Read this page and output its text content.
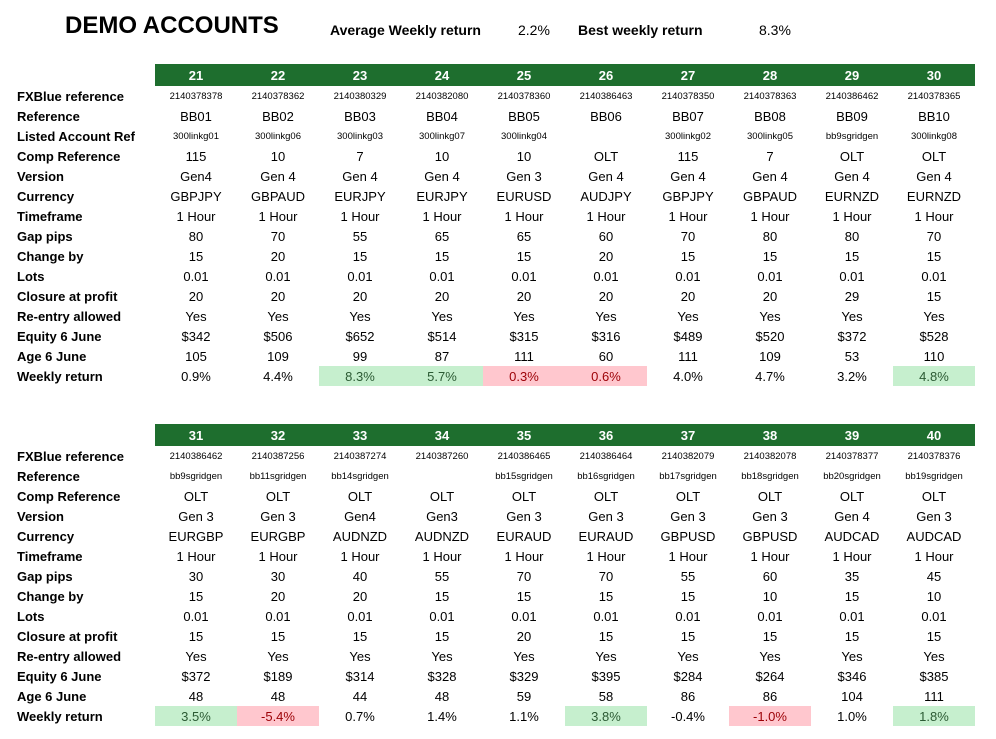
DEMO ACCOUNTS	Average Weekly return	2.2% Best weekly return	8.3%
	21	22	23	24	25	26	27	28	29	30
FXBlue reference	2140378378	2140378362	2140380329	2140382080	2140378360	2140386463	2140378350	2140378363	2140386462	2140378365
Reference	BB01	BB02	BB03	BB04	BB05	BB06	BB07	BB08	BB09	BB10
Listed Account Ref	300linkg01	300linkg06	300linkg03	300linkg07	300linkg04		300linkg02	300linkg05	bb9sgridgen	300linkg08
Comp Reference	115	10	7	10	10	OLT	115	7	OLT	OLT
Version	Gen4	Gen 4	Gen 4	Gen 4	Gen 3	Gen 4	Gen 4	Gen 4	Gen 4	Gen 4
Currency	GBPJPY	GBPAUD	EURJPY	EURJPY	EURUSD	AUDJPY	GBPJPY	GBPAUD	EURNZD	EURNZD
Timeframe	1 Hour	1 Hour	1 Hour	1 Hour	1 Hour	1 Hour	1 Hour	1 Hour	1 Hour	1 Hour
Gap pips	80	70	55	65	65	60	70	80	80	70
Change by	15	20	15	15	15	20	15	15	15	15
Lots	0.01	0.01	0.01	0.01	0.01	0.01	0.01	0.01	0.01	0.01
Closure at profit	20	20	20	20	20	20	20	20	29	15
Re-entry allowed	Yes	Yes	Yes	Yes	Yes	Yes	Yes	Yes	Yes	Yes
Equity 6 June	$342	$506	$652	$514	$315	$316	$489	$520	$372	$528
Age 6 June	105	109	99	87	111	60	111	109	53	110
Weekly return	0.9%	4.4%	8.3%	5.7%	0.3%	0.6%	4.0%	4.7%	3.2%	4.8%
	31	32	33	34	35	36	37	38	39	40
FXBlue reference	2140386462	2140387256	2140387274	2140387260	2140386465	2140386464	2140382079	2140382078	2140378377	2140378376
Reference	bb9sgridgen	bb11sgridgen	bb14sgridgen		bb15sgridgen	bb16sgridgen	bb17sgridgen	bb18sgridgen	bb20sgridgen	bb19sgridgen
Comp Reference	OLT	OLT	OLT	OLT	OLT	OLT	OLT	OLT	OLT	OLT
Version	Gen 3	Gen 3	Gen4	Gen3	Gen 3	Gen 3	Gen 3	Gen 3	Gen 4	Gen 3
Currency	EURGBP	EURGBP	AUDNZD	AUDNZD	EURAUD	EURAUD	GBPUSD	GBPUSD	AUDCAD	AUDCAD
Timeframe	1 Hour	1 Hour	1 Hour	1 Hour	1 Hour	1 Hour	1 Hour	1 Hour	1 Hour	1 Hour
Gap pips	30	30	40	55	70	70	55	60	35	45
Change by	15	20	20	15	15	15	15	10	15	10
Lots	0.01	0.01	0.01	0.01	0.01	0.01	0.01	0.01	0.01	0.01
Closure at profit	15	15	15	15	20	15	15	15	15	15
Re-entry allowed	Yes	Yes	Yes	Yes	Yes	Yes	Yes	Yes	Yes	Yes
Equity 6 June	$372	$189	$314	$328	$329	$395	$284	$264	$346	$385
Age 6 June	48	48	44	48	59	58	86	86	104	111
Weekly return	3.5%	-5.4%	0.7%	1.4%	1.1%	3.8%	-0.4%	-1.0%	1.0%	1.8%
